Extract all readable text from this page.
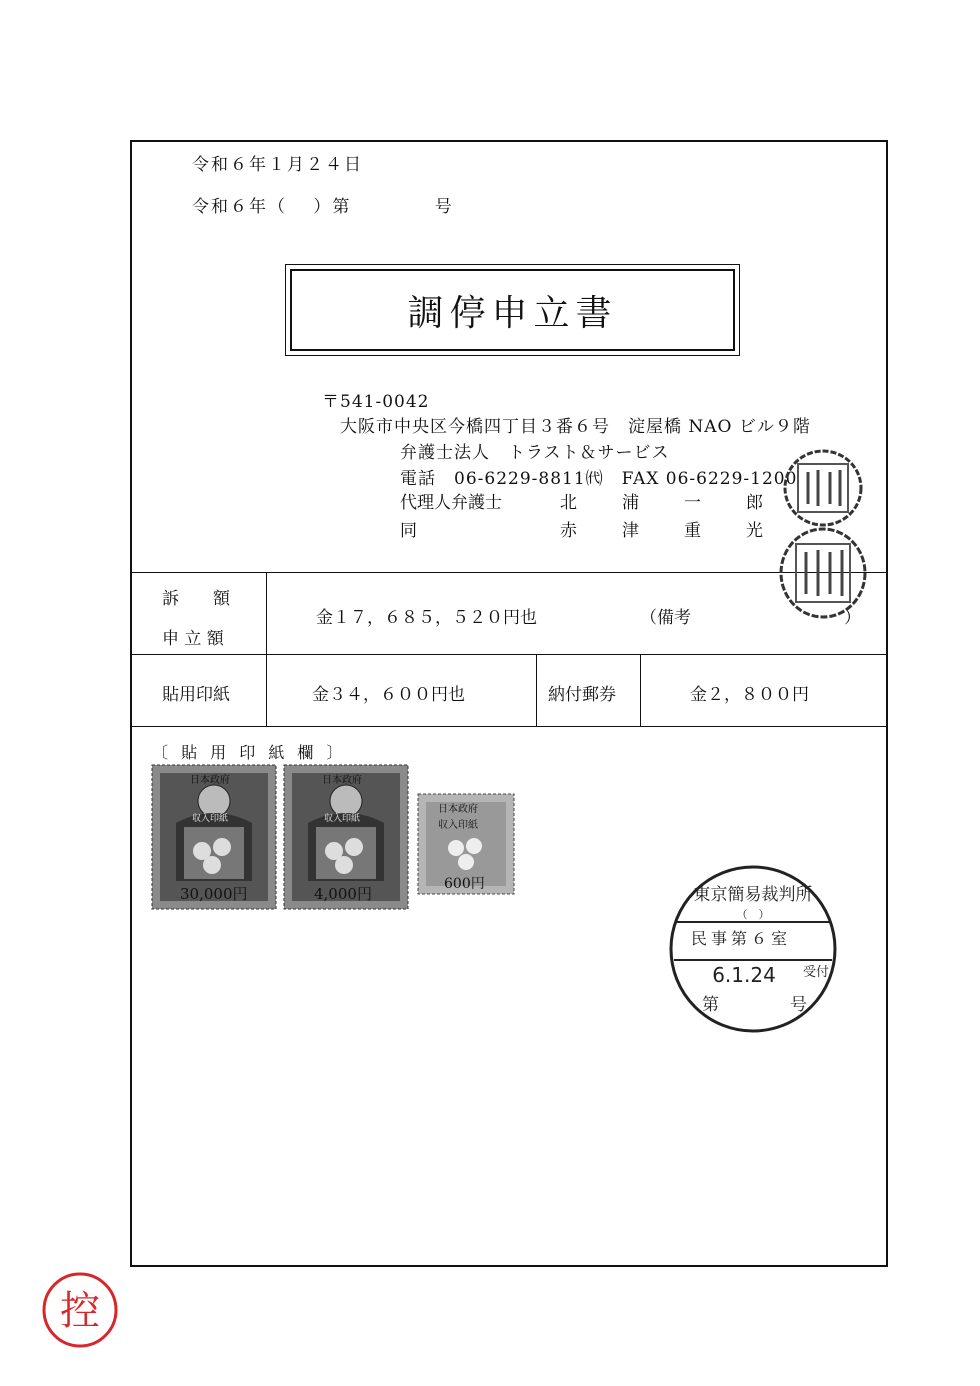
令和６年１月２４日
令和６年（　 ）第　　　　 号
調停申立書
〒541-0042
大阪市中央区今橋四丁目３番６号　淀屋橋 NAO ビル９階
弁護士法人　トラスト＆サービス
電話　06-6229-8811㈹　FAX 06-6229-1200
代理人弁護士	北	浦	一	郎
同	赤	津	重	光
訴　　額
申 立 額
金１７，６８５，５２０円也	（備考　　　　　　　　　）
貼用印紙	金３４，６００円也	納付郵券	金２，８００円
〔 貼 用 印 紙 欄 〕
日本政府
収入印紙
30,000円
日本政府
収入印紙
4,000円
日本政府
収入印紙
600円
東京簡易裁判所
（　）
民事第６室
6.1.24 受付
第	号
控
